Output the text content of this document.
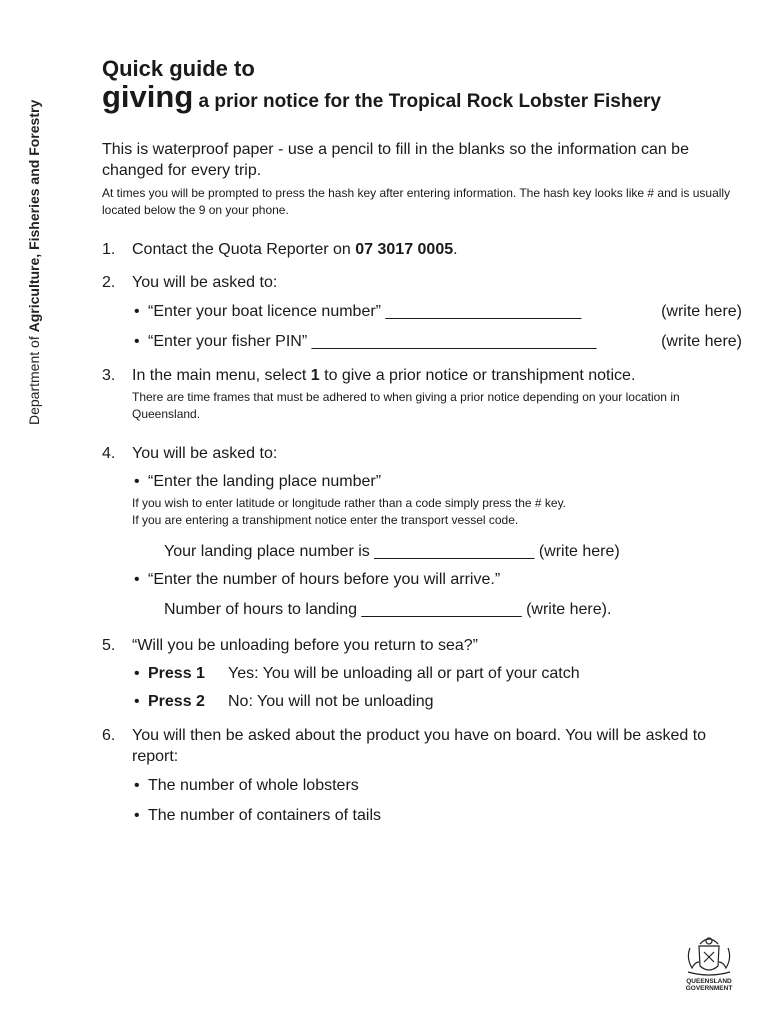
Department of Agriculture, Fisheries and Forestry
Quick guide to
giving a prior notice for the Tropical Rock Lobster Fishery
This is waterproof paper - use a pencil to fill in the blanks so the information can be changed for every trip.
At times you will be prompted to press the hash key after entering information. The hash key looks like # and is usually located below the 9 on your phone.
1. Contact the Quota Reporter on 07 3017 0005.
2. You will be asked to:
• “Enter your boat licence number” ______________________	(write here)
• “Enter your fisher PIN” ________________________________	(write here)
3. In the main menu, select 1 to give a prior notice or transhipment notice.
There are time frames that must be adhered to when giving a prior notice depending on your location in Queensland.
4. You will be asked to:
• “Enter the landing place number”
If you wish to enter latitude or longitude rather than a code simply press the # key.
If you are entering a transhipment notice enter the transport vessel code.
Your landing place number is __________________ (write here)
• “Enter the number of hours before you will arrive.”
Number of hours to landing __________________ (write here).
5. “Will you be unloading before you return to sea?”
• Press 1 Yes: You will be unloading all or part of your catch
• Press 2 No: You will not be unloading
6. You will then be asked about the product you have on board. You will be asked to report:
• The number of whole lobsters
• The number of containers of tails
QUEENSLAND
GOVERNMENT
